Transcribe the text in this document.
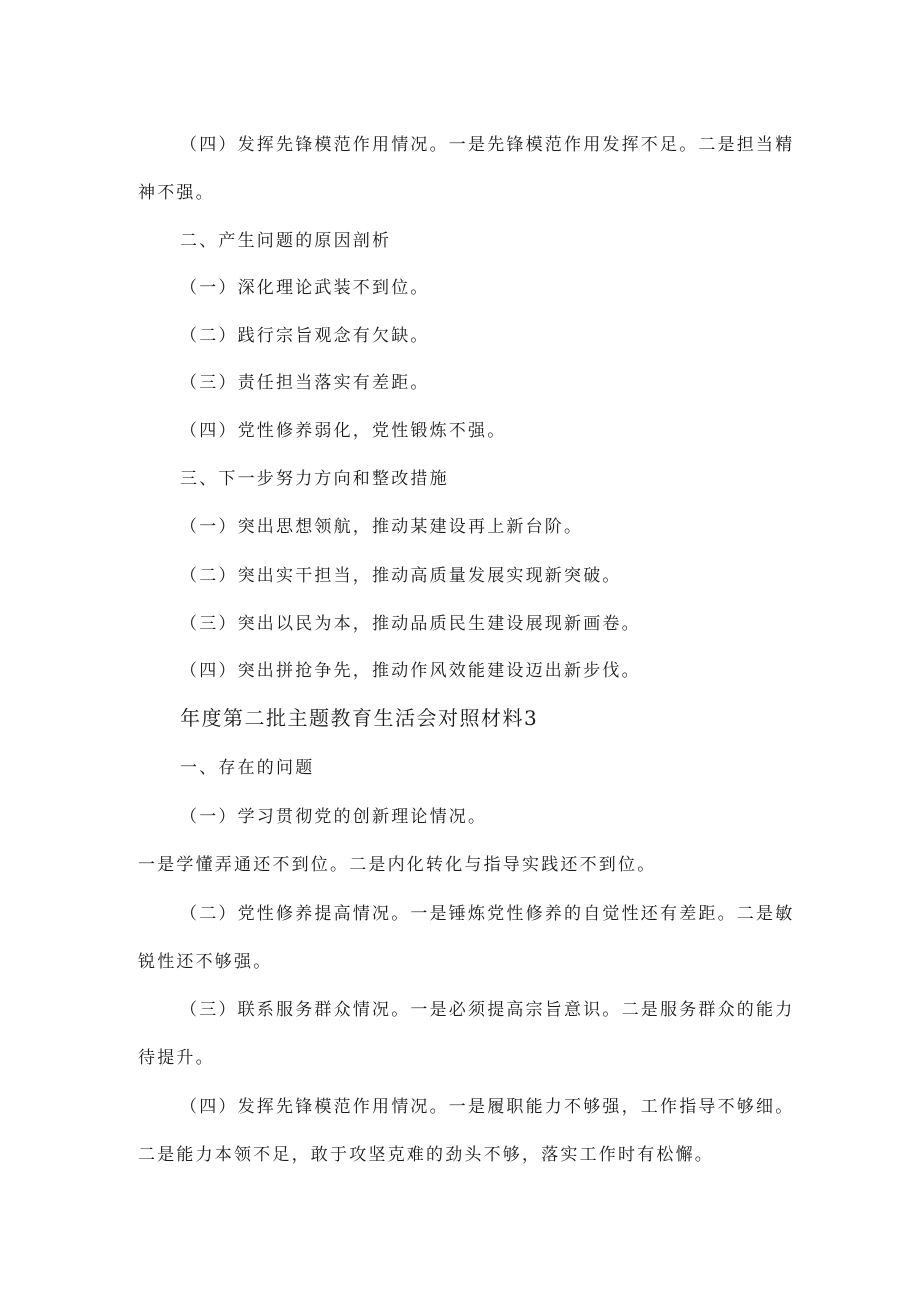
（四）发挥先锋模范作用情况。一是先锋模范作用发挥不足。二是担当精

神不强。

二、产生问题的原因剖析

（一）深化理论武装不到位。

（二）践行宗旨观念有欠缺。

（三）责任担当落实有差距。

（四）党性修养弱化，党性锻炼不强。

三、下一步努力方向和整改措施

（一）突出思想领航，推动某建设再上新台阶。

（二）突出实干担当，推动高质量发展实现新突破。

（三）突出以民为本，推动品质民生建设展现新画卷。

（四）突出拼抢争先，推动作风效能建设迈出新步伐。

年度第二批主题教育生活会对照材料3

一、存在的问题

（一）学习贯彻党的创新理论情况。

一是学懂弄通还不到位。二是内化转化与指导实践还不到位。

（二）党性修养提高情况。一是锤炼党性修养的自觉性还有差距。二是敏

锐性还不够强。

（三）联系服务群众情况。一是必须提高宗旨意识。二是服务群众的能力

待提升。

（四）发挥先锋模范作用情况。一是履职能力不够强，工作指导不够细。

二是能力本领不足，敢于攻坚克难的劲头不够，落实工作时有松懈。
